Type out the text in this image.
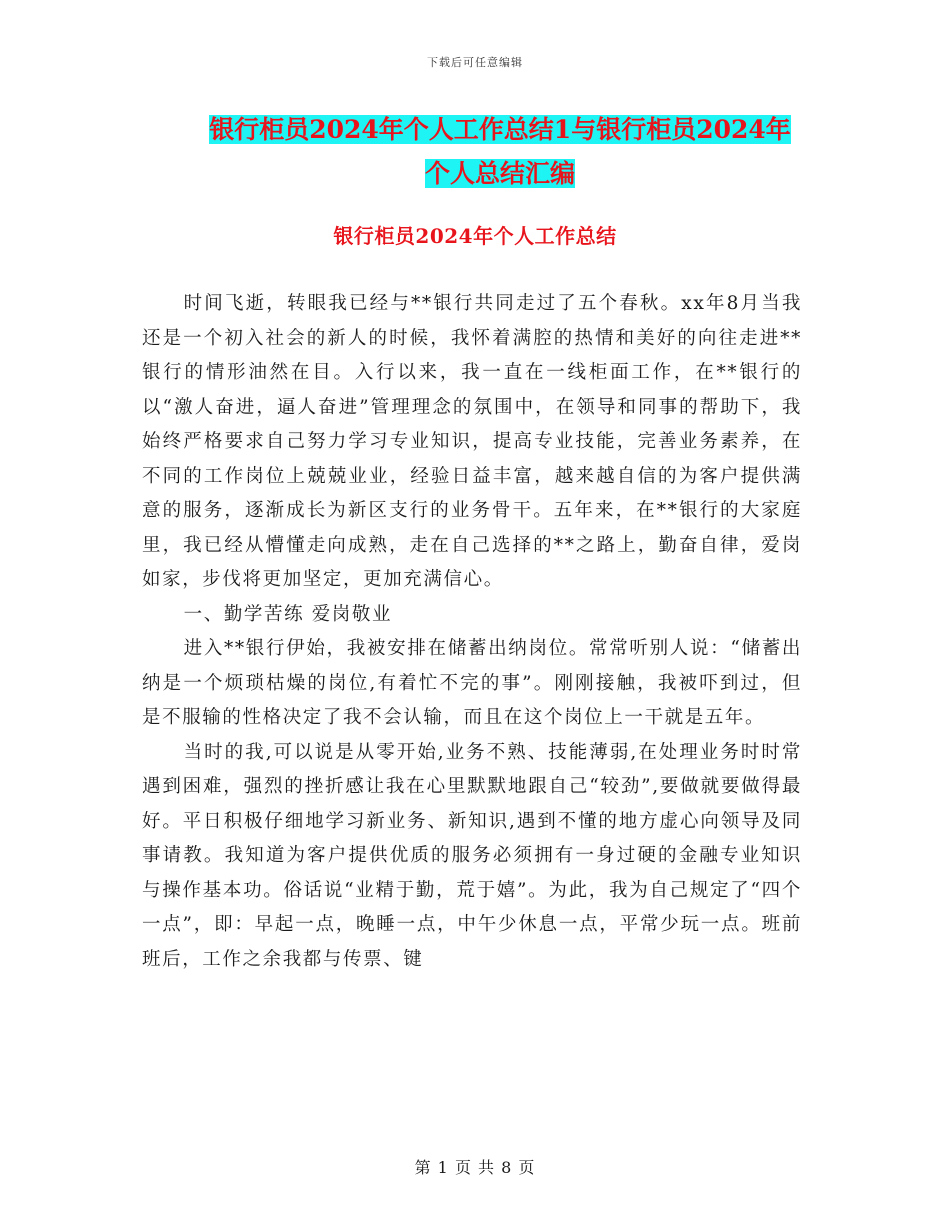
下载后可任意编辑
银行柜员2024年个人工作总结1与银行柜员2024年
个人总结汇编
银行柜员2024年个人工作总结

时间飞逝，转眼我已经与**银行共同走过了五个春秋。xx年8月当我还是一个初入社会的新人的时候，我怀着满腔的热情和美好的向往走进**银行的情形油然在目。入行以来，我一直在一线柜面工作，在**银行的以“激人奋进，逼人奋进”管理理念的氛围中，在领导和同事的帮助下，我始终严格要求自己努力学习专业知识，提高专业技能，完善业务素养，在不同的工作岗位上兢兢业业，经验日益丰富，越来越自信的为客户提供满意的服务，逐渐成长为新区支行的业务骨干。五年来，在**银行的大家庭里，我已经从懵懂走向成熟，走在自己选择的**之路上，勤奋自律，爱岗如家，步伐将更加坚定，更加充满信心。

一、勤学苦练 爱岗敬业

进入**银行伊始，我被安排在储蓄出纳岗位。常常听别人说：“储蓄出纳是一个烦琐枯燥的岗位,有着忙不完的事”。刚刚接触，我被吓到过，但是不服输的性格决定了我不会认输，而且在这个岗位上一干就是五年。

当时的我,可以说是从零开始,业务不熟、技能薄弱,在处理业务时时常遇到困难，强烈的挫折感让我在心里默默地跟自己“较劲”,要做就要做得最好。平日积极仔细地学习新业务、新知识,遇到不懂的地方虚心向领导及同事请教。我知道为客户提供优质的服务必须拥有一身过硬的金融专业知识与操作基本功。俗话说“业精于勤，荒于嬉”。为此，我为自己规定了“四个一点”，即：早起一点，晚睡一点，中午少休息一点，平常少玩一点。班前班后，工作之余我都与传票、键

第 1 页 共 8 页
